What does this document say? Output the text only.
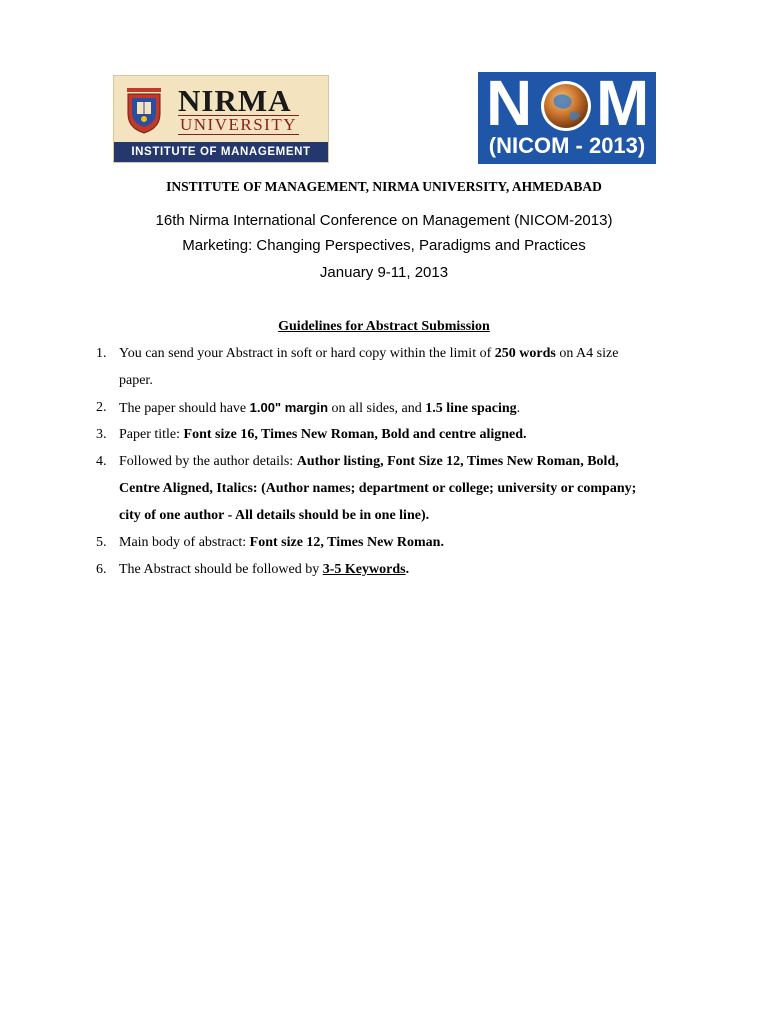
NIRMA
UNIVERSITY
INSTITUTE OF MANAGEMENT
N M
(NICOM - 2013)
INSTITUTE OF MANAGEMENT, NIRMA UNIVERSITY, AHMEDABAD
16th Nirma International Conference on Management (NICOM-2013)
Marketing: Changing Perspectives, Paradigms and Practices
January 9-11, 2013
Guidelines for Abstract Submission
1. You can send your Abstract in soft or hard copy within the limit of 250 words on A4 size
paper.
2. The paper should have 1.00" margin on all sides, and 1.5 line spacing.
3. Paper title: Font size 16, Times New Roman, Bold and centre aligned.
4. Followed by the author details: Author listing, Font Size 12, Times New Roman, Bold,
Centre Aligned, Italics: (Author names; department or college; university or company;
city of one author - All details should be in one line).
5. Main body of abstract: Font size 12, Times New Roman.
6. The Abstract should be followed by 3-5 Keywords.
